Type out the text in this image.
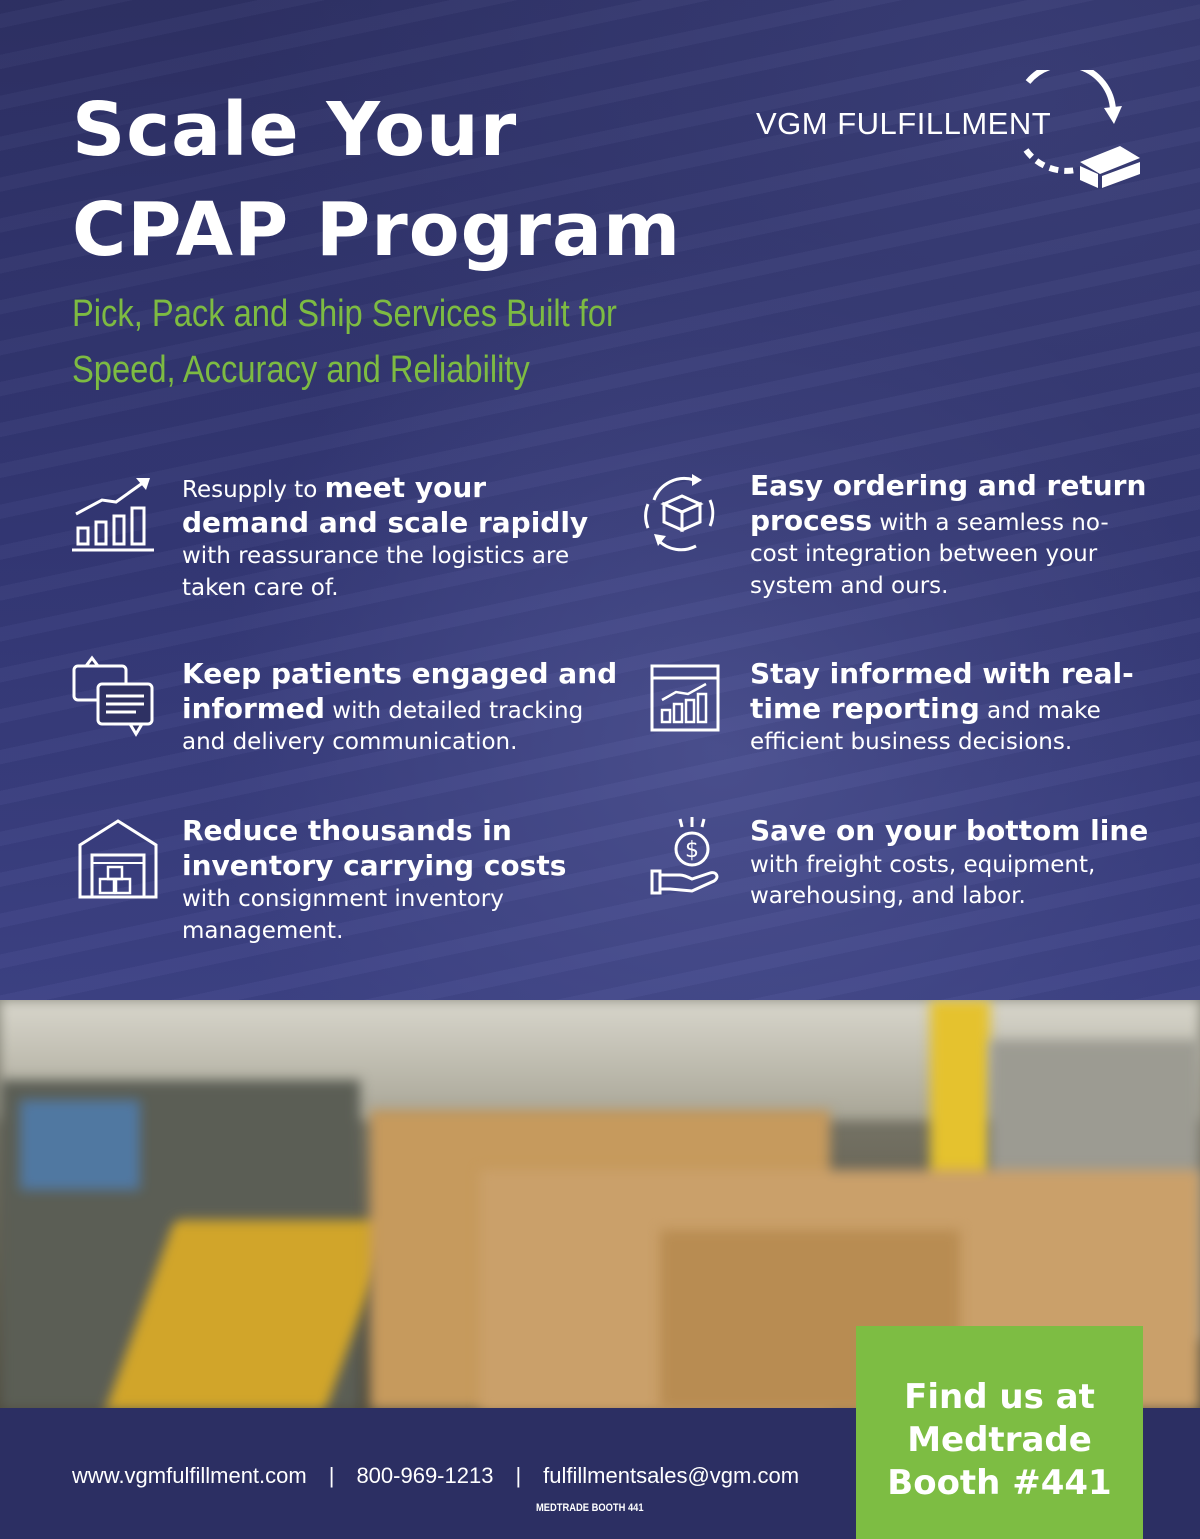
Scale Your
CPAP Program
Pick, Pack and Ship Services Built for
Speed, Accuracy and Reliability
VGM FULFILLMENT
Resupply to meet your demand and scale rapidly with reassurance the logistics are taken care of.
Easy ordering and return process with a seamless no-cost integration between your system and ours.
Keep patients engaged and informed with detailed tracking and delivery communication.
Stay informed with real-time reporting and make efficient business decisions.
Reduce thousands in inventory carrying costs with consignment inventory management.
$
Save on your bottom line with freight costs, equipment, warehousing, and labor.
www.vgmfulfillment.com | 800-969-1213 | fulfillmentsales@vgm.com
MEDTRADE BOOTH 441
Find us at
Medtrade
Booth #441
